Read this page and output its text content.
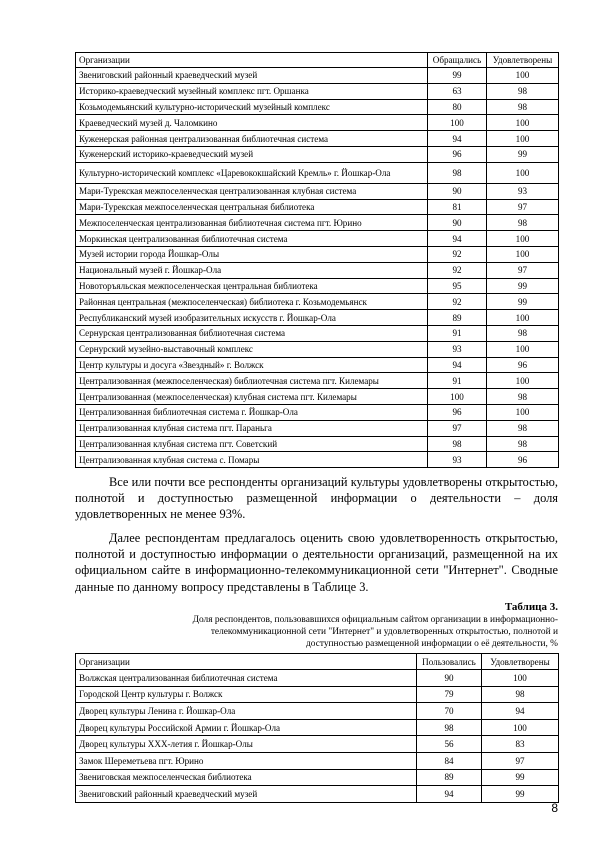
Организации	Обращались	Удовлетворены
Звениговский районный краеведческий музей	99	100
Историко-краеведческий музейный комплекс пгт. Оршанка	63	98
Козьмодемьянский культурно-исторический музейный комплекс	80	98
Краеведческий музей д. Чаломкино	100	100
Куженерская районная централизованная библиотечная система	94	100
Куженерский историко-краеведческий музей	96	99
Культурно-исторический комплекс «Царевококшайский Кремль» г. Йошкар-Ола	98	100
Мари-Турекская межпоселенческая централизованная клубная система	90	93
Мари-Турекская межпоселенческая центральная библиотека	81	97
Межпоселенческая централизованная библиотечная система пгт. Юрино	90	98
Моркинская централизованная библиотечная система	94	100
Музей истории города Йошкар-Олы	92	100
Национальный музей г. Йошкар-Ола	92	97
Новоторъяльская межпоселенческая центральная библиотека	95	99
Районная центральная (межпоселенческая) библиотека г. Козьмодемьянск	92	99
Республиканский музей изобразительных искусств г. Йошкар-Ола	89	100
Сернурская централизованная библиотечная система	91	98
Сернурский музейно-выставочный комплекс	93	100
Центр культуры и досуга «Звездный» г. Волжск	94	96
Централизованная (межпоселенческая) библиотечная система пгт. Килемары	91	100
Централизованная (межпоселенческая) клубная система пгт. Килемары	100	98
Централизованная библиотечная система г. Йошкар-Ола	96	100
Централизованная клубная система пгт. Параньга	97	98
Централизованная клубная система пгт. Советский	98	98
Централизованная клубная система с. Помары	93	96

Все или почти все респонденты организаций культуры удовлетворены открытостью, полнотой и доступностью размещенной информации о деятельности – доля удовлетворенных не менее 93%.

Далее респондентам предлагалось оценить свою удовлетворенность открытостью, полнотой и доступностью информации о деятельности организаций, размещенной на их официальном сайте в информационно-телекоммуникационной сети "Интернет". Сводные данные по данному вопросу представлены в Таблице 3.

Таблица 3.
Доля респондентов, пользовавшихся официальным сайтом организации в информационно-телекоммуникационной сети "Интернет" и удовлетворенных открытостью, полнотой и доступностью размещенной информации о её деятельности, %
Организации	Пользовались	Удовлетворены
Волжская централизованная библиотечная система	90	100
Городской Центр культуры г. Волжск	79	98
Дворец культуры Ленина г. Йошкар-Ола	70	94
Дворец культуры Российской Армии г. Йошкар-Ола	98	100
Дворец культуры XXX-летия г. Йошкар-Олы	56	83
Замок Шереметьева пгт. Юрино	84	97
Звениговская межпоселенческая библиотека	89	99
Звениговский районный краеведческий музей	94	99
8
